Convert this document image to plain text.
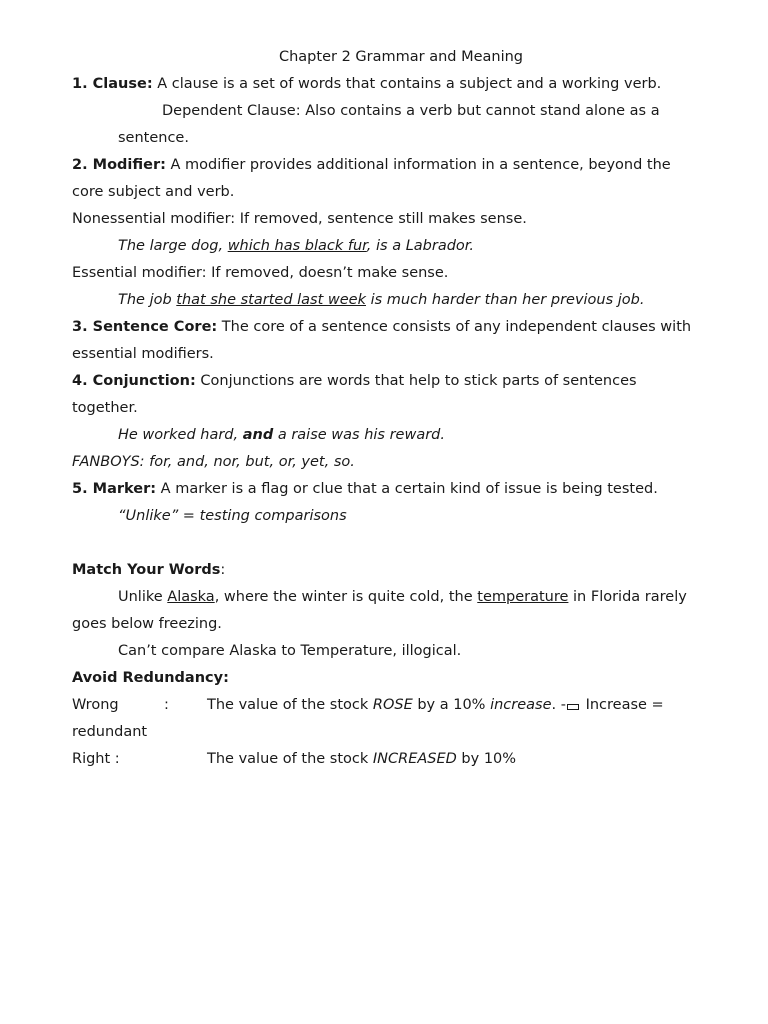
Chapter 2 Grammar and Meaning
1. Clause: A clause is a set of words that contains a subject and a working verb.
Dependent Clause: Also contains a verb but cannot stand alone as a
sentence.
2. Modifier: A modifier provides additional information in a sentence, beyond the
core subject and verb.
Nonessential modifier: If removed, sentence still makes sense.
The large dog, which has black fur, is a Labrador.
Essential modifier: If removed, doesn’t make sense.
The job that she started last week is much harder than her previous job.
3. Sentence Core: The core of a sentence consists of any independent clauses with
essential modifiers.
4. Conjunction: Conjunctions are words that help to stick parts of sentences
together.
He worked hard, and a raise was his reward.
FANBOYS: for, and, nor, but, or, yet, so.
5. Marker: A marker is a flag or clue that a certain kind of issue is being tested.
“Unlike” = testing comparisons
Match Your Words:
Unlike Alaska, where the winter is quite cold, the temperature in Florida rarely
goes below freezing.
Can’t compare Alaska to Temperature, illogical.
Avoid Redundancy:
Wrong	:	The value of the stock ROSE by a 10% increase. - Increase =
redundant
Right :	The value of the stock INCREASED by 10%
